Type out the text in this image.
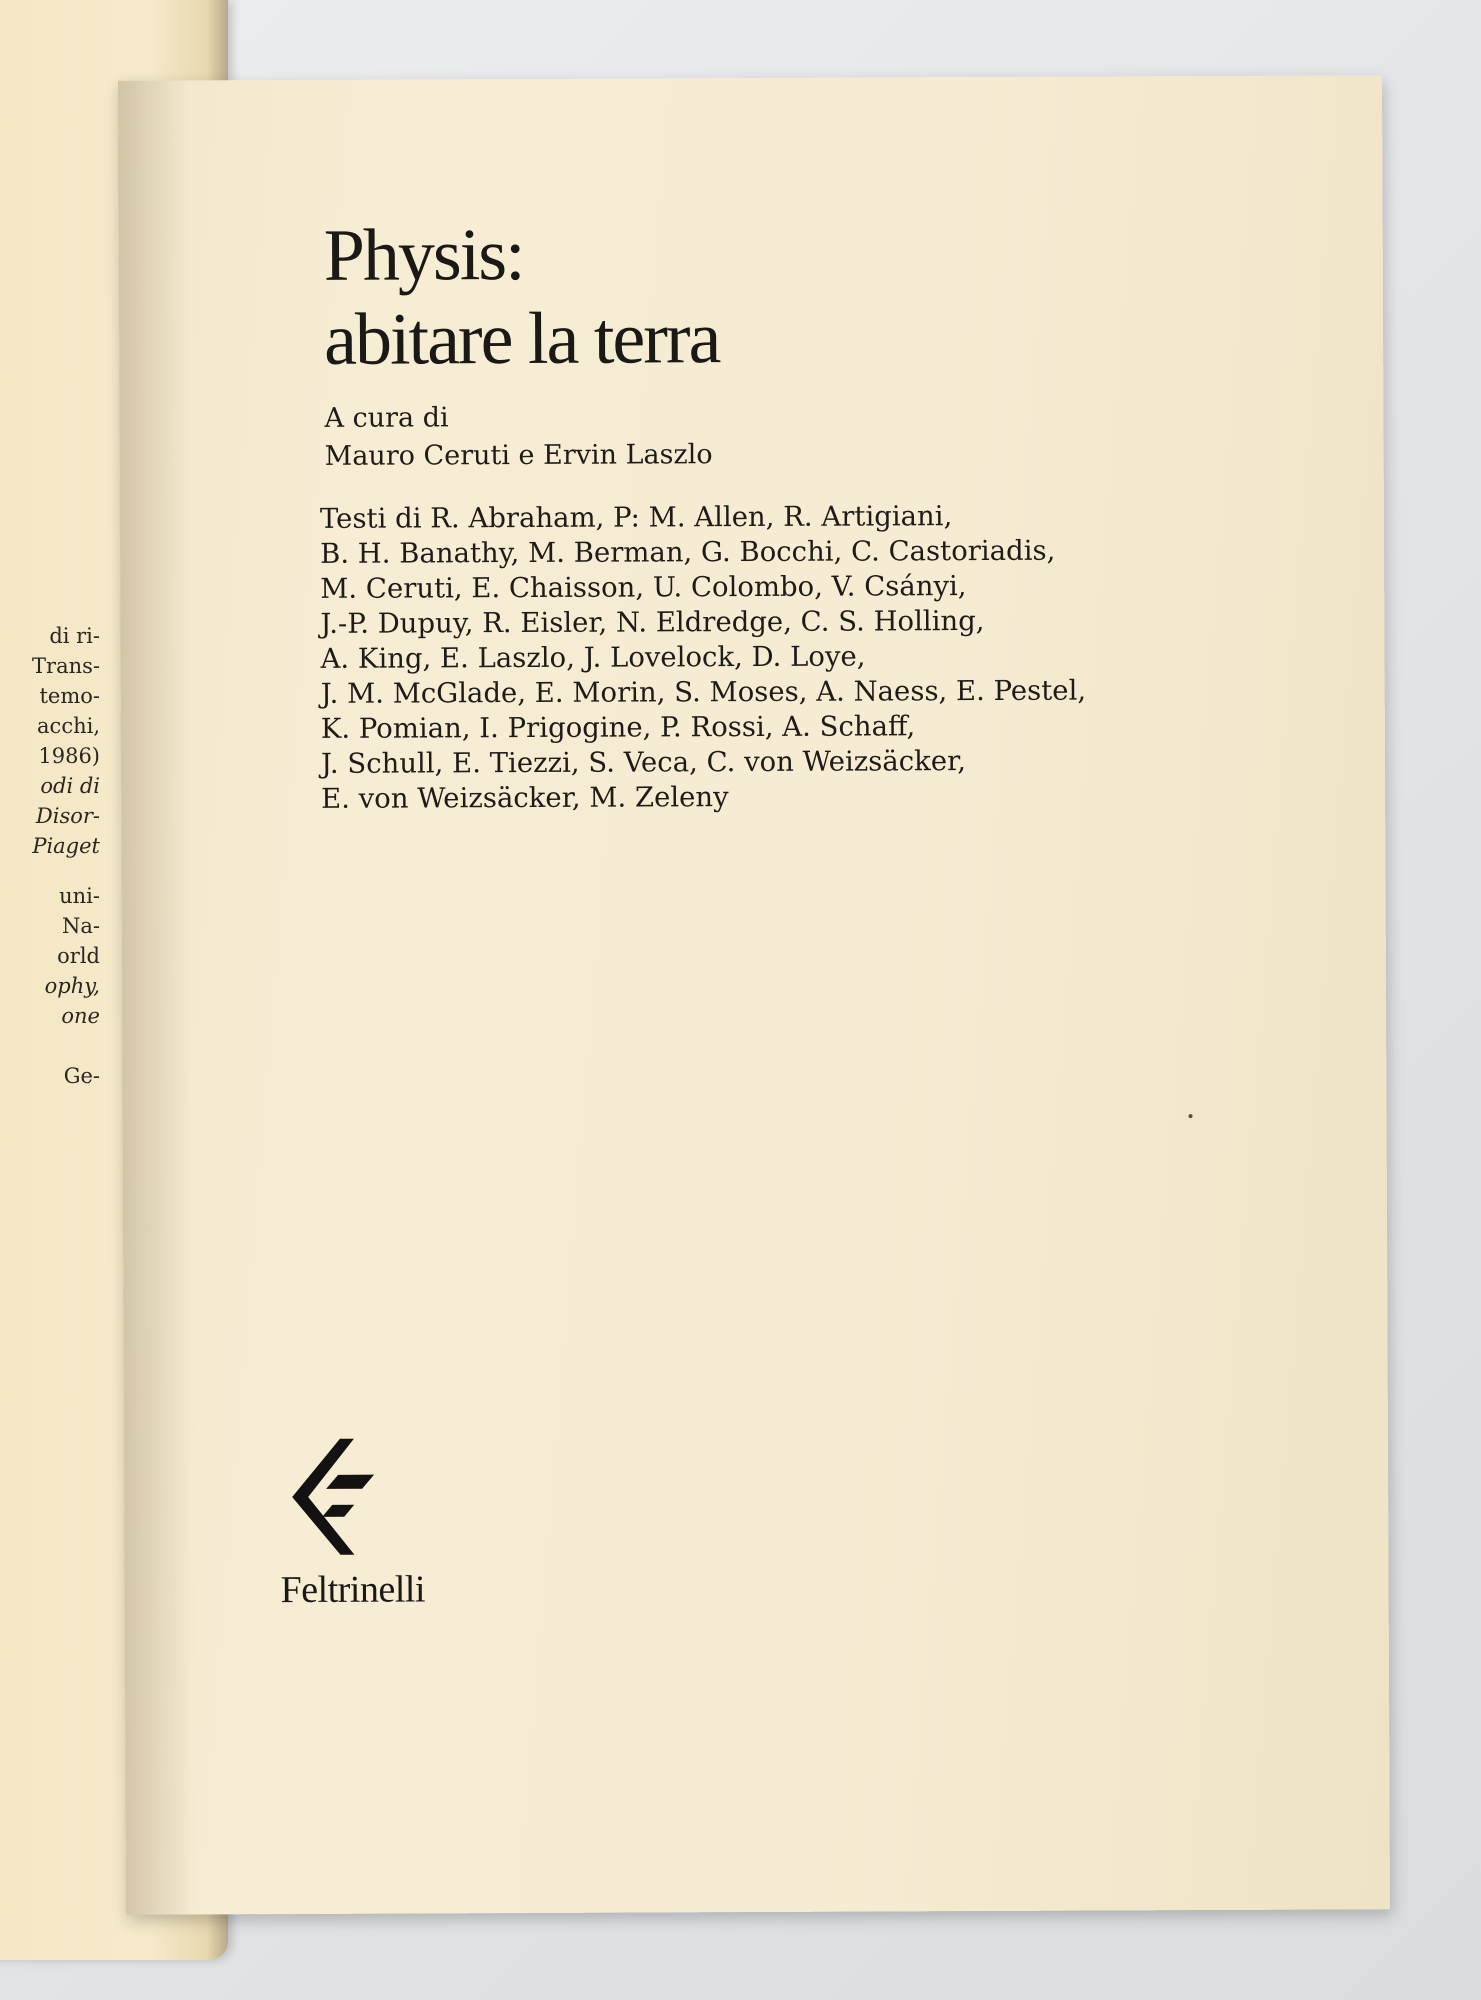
di ri-
Trans-
temo-
acchi,
1986)
odi di
Disor-
Piaget
uni-
Na-
orld
ophy,
one
Ge-
Physis:
abitare la terra
A cura di
Mauro Ceruti e Ervin Laszlo
Testi di R. Abraham, P: M. Allen, R. Artigiani,
B. H. Banathy, M. Berman, G. Bocchi, C. Castoriadis,
M. Ceruti, E. Chaisson, U. Colombo, V. Csányi,
J.-P. Dupuy, R. Eisler, N. Eldredge, C. S. Holling,
A. King, E. Laszlo, J. Lovelock, D. Loye,
J. M. McGlade, E. Morin, S. Moses, A. Naess, E. Pestel,
K. Pomian, I. Prigogine, P. Rossi, A. Schaff,
J. Schull, E. Tiezzi, S. Veca, C. von Weizsäcker,
E. von Weizsäcker, M. Zeleny
Feltrinelli
